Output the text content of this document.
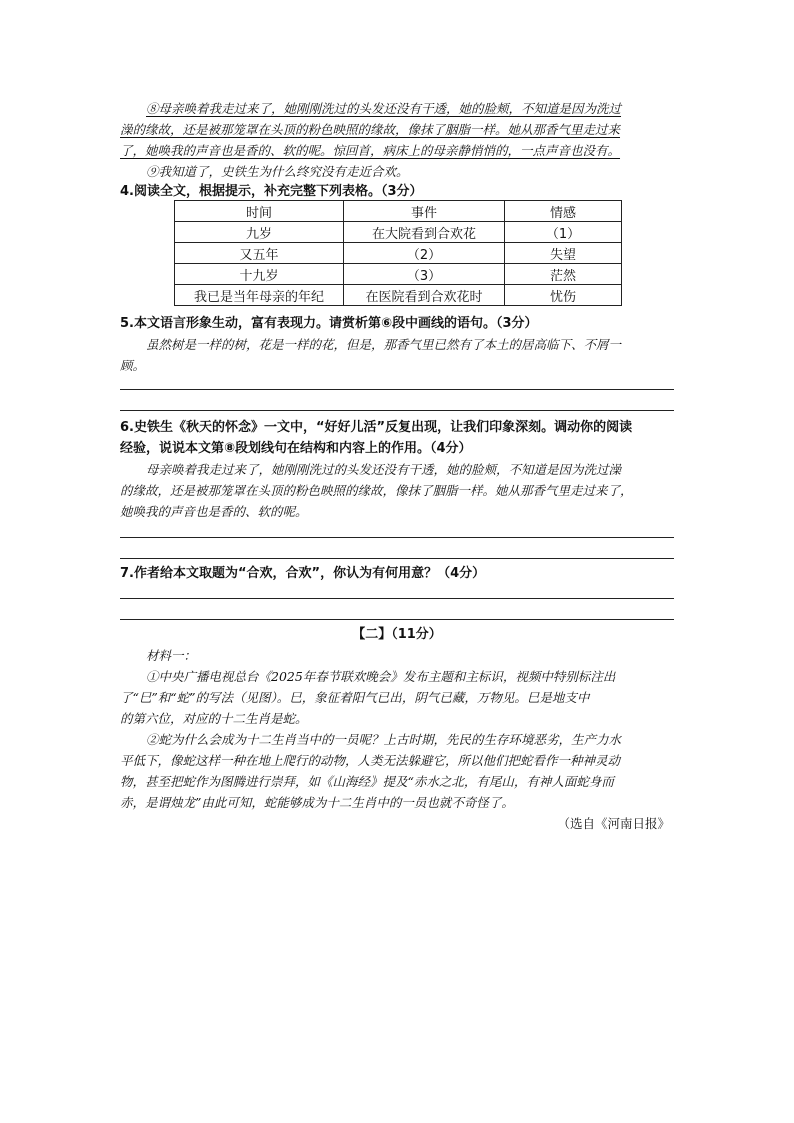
⑧母亲唤着我走过来了，她刚刚洗过的头发还没有干透，她的脸颊，不知道是因为洗过
澡的缘故，还是被那笼罩在头顶的粉色映照的缘故，像抹了胭脂一样。她从那香气里走过来
了，她唤我的声音也是香的、软的呢。惊回首，病床上的母亲静悄悄的，一点声音也没有。
⑨我知道了，史铁生为什么终究没有走近合欢。
4.阅读全文，根据提示，补充完整下列表格。（3分）
时间	事件	情感
九岁	在大院看到合欢花	（1）
又五年	（2）	失望
十九岁	（3）	茫然
我已是当年母亲的年纪	在医院看到合欢花时	忧伤
5.本文语言形象生动，富有表现力。请赏析第⑥段中画线的语句。（3分）
虽然树是一样的树，花是一样的花，但是，那香气里已然有了本土的居高临下、不屑一
顾。
6.史铁生《秋天的怀念》一文中，“好好儿活”反复出现，让我们印象深刻。调动你的阅读
经验，说说本文第⑧段划线句在结构和内容上的作用。（4分）
母亲唤着我走过来了，她刚刚洗过的头发还没有干透，她的脸颊，不知道是因为洗过澡
的缘故，还是被那笼罩在头顶的粉色映照的缘故，像抹了胭脂一样。她从那香气里走过来了，
她唤我的声音也是香的、软的呢。
7.作者给本文取题为“合欢，合欢”，你认为有何用意？（4分）
【二】（11分）
材料一：
①中央广播电视总台《2025年春节联欢晚会》发布主题和主标识，视频中特别标注出
了“巳”和“蛇”的写法（见图）。巳，象征着阳气已出，阴气已藏，万物见。巳是地支中
的第六位，对应的十二生肖是蛇。
②蛇为什么会成为十二生肖当中的一员呢？上古时期，先民的生存环境恶劣，生产力水
平低下，像蛇这样一种在地上爬行的动物，人类无法躲避它，所以他们把蛇看作一种神灵动
物，甚至把蛇作为图腾进行崇拜，如《山海经》提及“赤水之北，有尾山，有神人面蛇身而
赤，是谓烛龙”由此可知，蛇能够成为十二生肖中的一员也就不奇怪了。
（选自《河南日报》
